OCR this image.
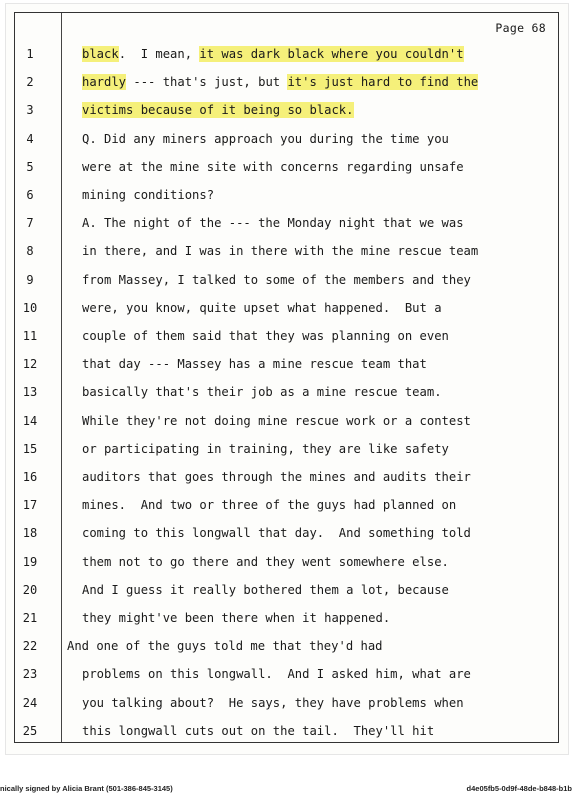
Page 68
1	black.  I mean, it was dark black where you couldn't
2	hardly --- that's just, but it's just hard to find the
3	victims because of it being so black.
4	Q. Did any miners approach you during the time you
5	were at the mine site with concerns regarding unsafe
6	mining conditions?
7	A. The night of the --- the Monday night that we was
8	in there, and I was in there with the mine rescue team
9	from Massey, I talked to some of the members and they
10	were, you know, quite upset what happened.  But a
11	couple of them said that they was planning on even
12	that day --- Massey has a mine rescue team that
13	basically that's their job as a mine rescue team.
14	While they're not doing mine rescue work or a contest
15	or participating in training, they are like safety
16	auditors that goes through the mines and audits their
17	mines.  And two or three of the guys had planned on
18	coming to this longwall that day.  And something told
19	them not to go there and they went somewhere else.
20	And I guess it really bothered them a lot, because
21	they might've been there when it happened.
22	And one of the guys told me that they'd had
23	problems on this longwall.  And I asked him, what are
24	you talking about?  He says, they have problems when
25	this longwall cuts out on the tail.  They'll hit
nically signed by Alicia Brant (501-386-845-3145)	d4e05fb5-0d9f-48de-b848-b1b
